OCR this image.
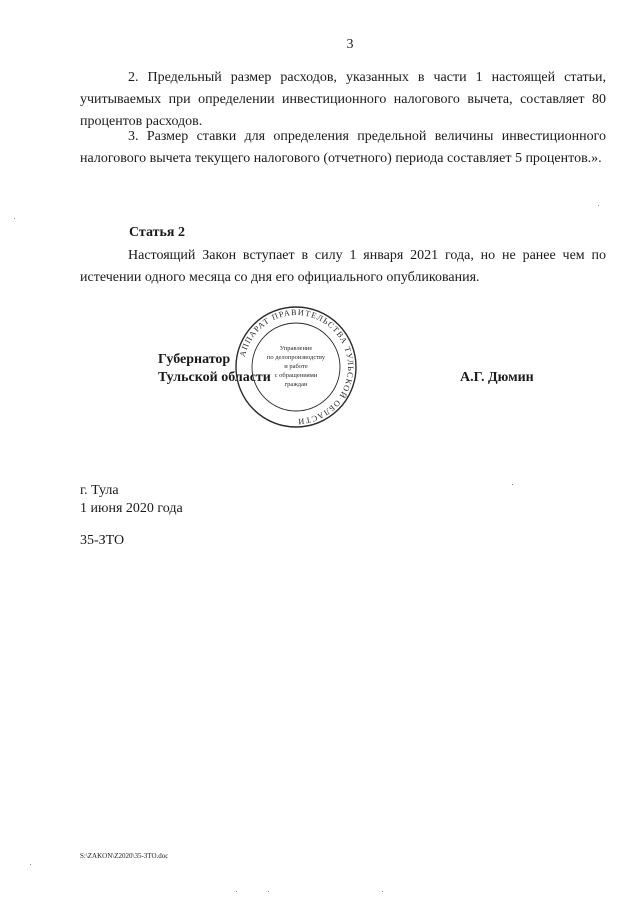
3

2. Предельный размер расходов, указанных в части 1 настоящей статьи, учитываемых при определении инвестиционного налогового вычета, составляет 80 процентов расходов.

3. Размер ставки для определения предельной величины инвестиционного налогового вычета текущего налогового (отчетного) периода составляет 5 процентов.».

Статья 2

Настоящий Закон вступает в силу 1 января 2021 года, но не ранее чем по истечении одного месяца со дня его официального опубликования.

Губернатор
Тульской области	А.Г. Дюмин
АППАРАТ ПРАВИТЕЛЬСТВА ТУЛЬСКОЙ ОБЛАСТИ
Управление
по делопроизводству
и работе
с обращениями
граждан
г. Тула
1 июня 2020 года
35-ЗТО
S:\ZAKON\Z2020\35-ЗТО.doc
